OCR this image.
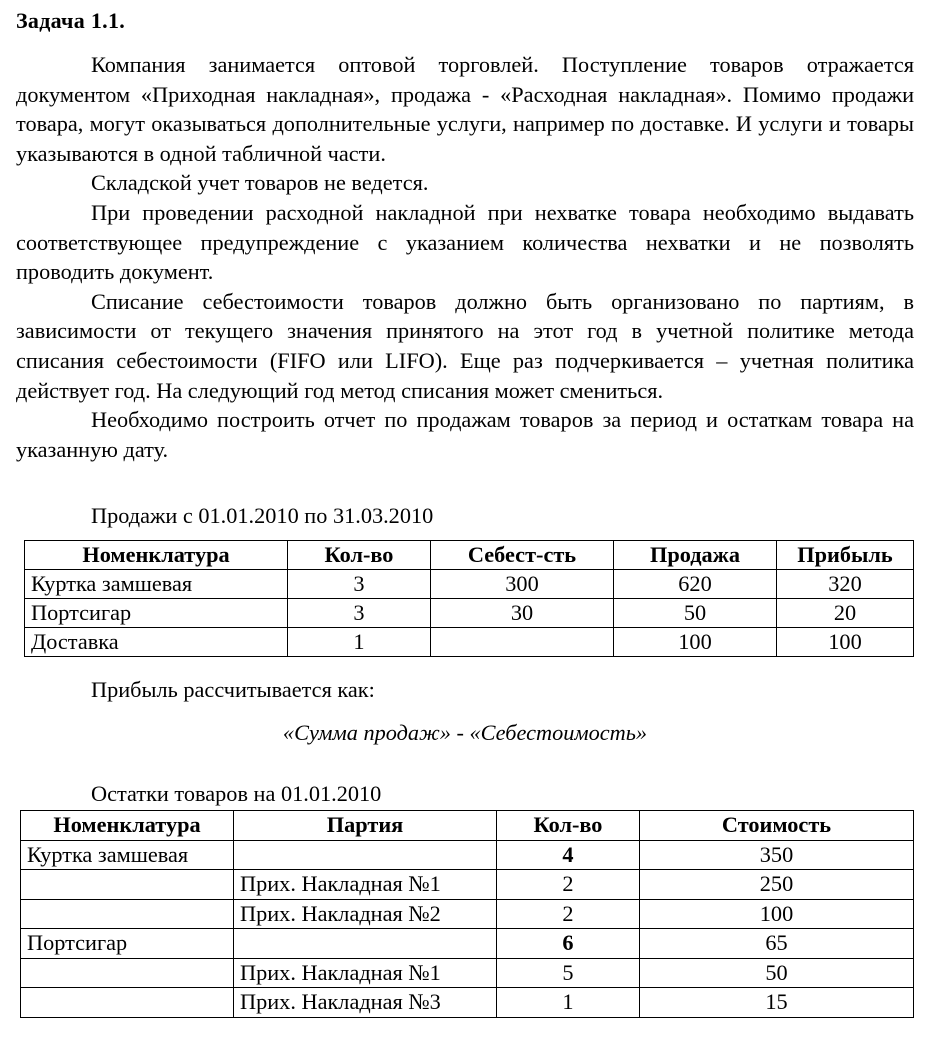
Задача 1.1.

Компания занимается оптовой торговлей. Поступление товаров отражается документом «Приходная накладная», продажа - «Расходная накладная». Помимо продажи товара, могут оказываться дополнительные услуги, например по доставке. И услуги и товары указываются в одной табличной части.

Складской учет товаров не ведется.

При проведении расходной накладной при нехватке товара необходимо выдавать соответствующее предупреждение с указанием количества нехватки и не позволять проводить документ.

Списание себестоимости товаров должно быть организовано по партиям, в зависимости от текущего значения принятого на этот год в учетной политике метода списания себестоимости (FIFO или LIFO). Еще раз подчеркивается – учетная политика действует год. На следующий год метод списания может смениться.

Необходимо построить отчет по продажам товаров за период и остаткам товара на указанную дату.

Продажи с 01.01.2010 по 31.03.2010
Номенклатура	Кол-во	Себест-сть	Продажа	Прибыль
Куртка замшевая	3	300	620	320
Портсигар	3	30	50	20
Доставка	1		100	100
Прибыль рассчитывается как:
«Сумма продаж» - «Себестоимость»
Остатки товаров на 01.01.2010
Номенклатура	Партия	Кол-во	Стоимость
Куртка замшевая		4	350
	Прих. Накладная №1	2	250
	Прих. Накладная №2	2	100
Портсигар		6	65
	Прих. Накладная №1	5	50
	Прих. Накладная №3	1	15
